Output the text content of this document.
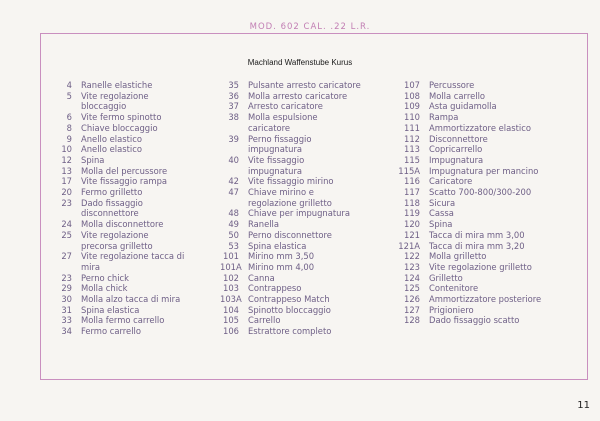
MOD. 602 CAL. .22 L.R.
Machland Waffenstube Kurus
4 Ranelle elastiche
5 Vite regolazione
bloccaggio
6 Vite fermo spinotto
8 Chiave bloccaggio
9 Anello elastico
10 Anello elastico
12 Spina
13 Molla del percussore
17 Vite fissaggio rampa
20 Fermo grilletto
23 Dado fissaggio
disconnettore
24 Molla disconnettore
25 Vite regolazione
precorsa grilletto
27 Vite regolazione tacca di
mira
23 Perno chick
29 Molla chick
30 Molla alzo tacca di mira
31 Spina elastica
33 Molla fermo carrello
34 Fermo carrello
35 Pulsante arresto caricatore
36 Molla arresto caricatore
37 Arresto caricatore
38 Molla espulsione
caricatore
39 Perno fissaggio
impugnatura
40 Vite fissaggio
impugnatura
42 Vite fissaggio mirino
47 Chiave mirino e
regolazione grilletto
48 Chiave per impugnatura
49 Ranella
50 Perno disconnettore
53 Spina elastica
101 Mirino mm 3,50
101A Mirino mm 4,00
102 Canna
103 Contrappeso
103A Contrappeso Match
104 Spinotto bloccaggio
105 Carrello
106 Estrattore completo
107 Percussore
108 Molla carrello
109 Asta guidamolla
110 Rampa
111 Ammortizzatore elastico
112 Disconnettore
113 Copricarrello
115 Impugnatura
115A Impugnatura per mancino
116 Caricatore
117 Scatto 700-800/300-200
118 Sicura
119 Cassa
120 Spina
121 Tacca di mira mm 3,00
121A Tacca di mira mm 3,20
122 Molla grilletto
123 Vite regolazione grilletto
124 Grilletto
125 Contenitore
126 Ammortizzatore posteriore
127 Prigioniero
128 Dado fissaggio scatto
11
